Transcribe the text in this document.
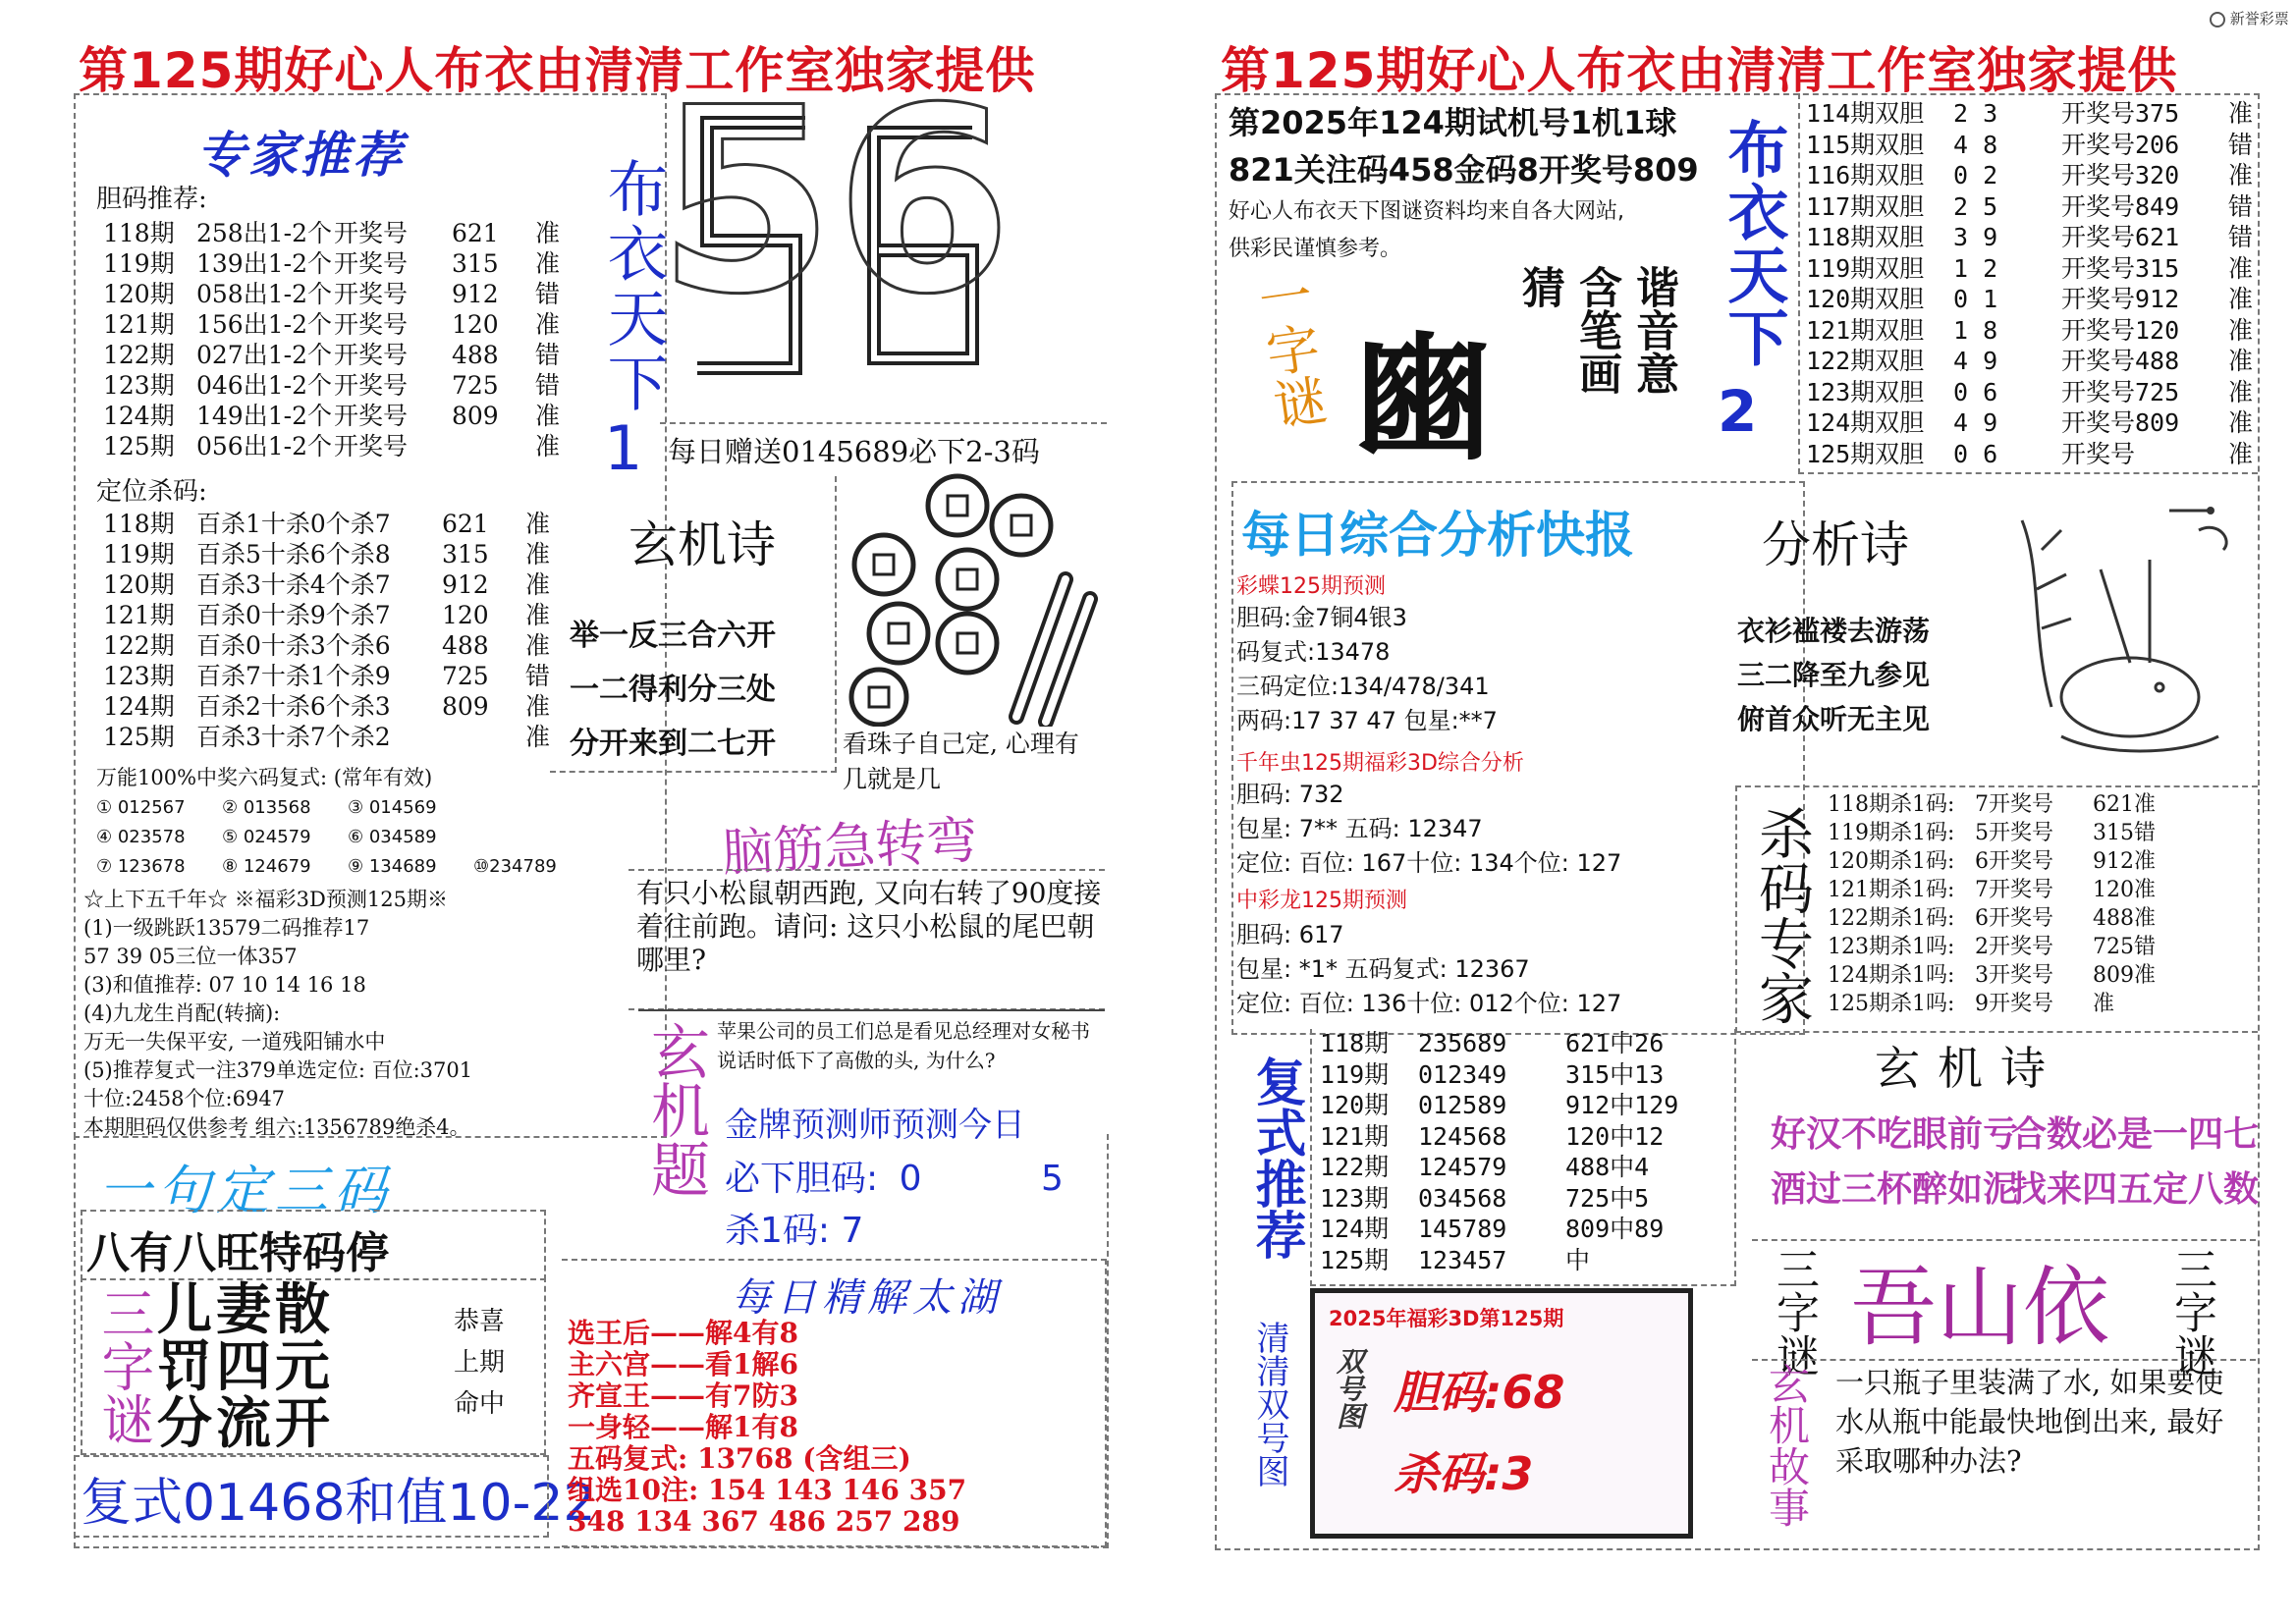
新誉彩票
第125期好心人布衣由清清工作室独家提供
专家推荐
胆码推荐:
118期 258出1-2个 开奖号	621	准
119期 139出1-2个 开奖号	315	准
120期 058出1-2个 开奖号	912	错
121期 156出1-2个 开奖号	120	准
122期 027出1-2个 开奖号	488	错
123期 046出1-2个 开奖号	725	错
124期 149出1-2个 开奖号	809	准
125期 056出1-2个 开奖号	准
定位杀码:
118期 百杀1十杀0个杀7	621	准
119期 百杀5十杀6个杀8	315	准
120期 百杀3十杀4个杀7	912	准
121期 百杀0十杀9个杀7	120	准
122期 百杀0十杀3个杀6	488	准
123期 百杀7十杀1个杀9	725	错
124期 百杀2十杀6个杀3	809	准
125期 百杀3十杀7个杀2	准
万能100%中奖六码复式: (常年有效)
① 012567	② 013568	③ 014569
④ 023578	⑤ 024579	⑥ 034589
⑦ 123678	⑧ 124679	⑨ 134689	⑩234789
☆上下五千年☆ ※福彩3D预测125期※
(1)一级跳跃13579二码推荐17
57 39 05三位一体357
(3)和值推荐: 07 10 14 16 18
(4)九龙生肖配(转摘):
万无一失保平安, 一道残阳铺水中
(5)推荐复式一注379单选定位: 百位:3701
十位:2458个位:6947
本期胆码仅供参考 组六:1356789绝杀4。
布衣天下
1
56
每日赠送0145689必下2-3码
玄机诗
举一反三合六开
一二得利分三处
分开来到二七开	看珠子自己定, 心理有几就是几
脑筋急转弯
有只小松鼠朝西跑, 又向右转了90度接着往前跑。请问: 这只小松鼠的尾巴朝哪里?
玄机题 苹果公司的员工们总是看见总经理对女秘书说话时低下了高傲的头, 为什么?
金牌预测师预测今日
必下胆码: 0	5
杀1码: 7
一句定三码
八有八旺特码停
三字谜 儿妻散
罚四元
分流开
恭喜
上期
命中
复式01468和值10-22
每日精解太湖
选王后——解4有8
主六宫——看1解6
齐宣王——有7防3
一身轻——解1有8
五码复式: 13768 (含组三)
组选10注: 154 143 146 357
348 134 367 486 257 289
第125期好心人布衣由清清工作室独家提供
第2025年124期试机号1机1球
821关注码458金码8开奖号809
好心人布衣天下图谜资料均来自各大网站,
供彩民谨慎参考。
一字谜 豳	谐音意
含笔画
猜	布衣天下
2
114期双胆	2 3	开奖号375	准
115期双胆	4 8	开奖号206	错
116期双胆	0 2	开奖号320	准
117期双胆	2 5	开奖号849	错
118期双胆	3 9	开奖号621	错
119期双胆	1 2	开奖号315	准
120期双胆	0 1	开奖号912	准
121期双胆	1 8	开奖号120	准
122期双胆	4 9	开奖号488	准
123期双胆	0 6	开奖号725	准
124期双胆	4 9	开奖号809	准
125期双胆	0 6	开奖号	准
每日综合分析快报
彩蝶125期预测
胆码:金7铜4银3
码复式:13478
三码定位:134/478/341
两码:17 37 47 包星:**7
千年虫125期福彩3D综合分析
胆码: 732
包星: 7** 五码: 12347
定位: 百位: 167十位: 134个位: 127
中彩龙125期预测
胆码: 617
包星: *1* 五码复式: 12367
定位: 百位: 136十位: 012个位: 127
分析诗
衣衫褴褛去游荡
三二降至九参见
俯首众听无主见
杀码专家
118期杀1码: 7开奖号	621准
119期杀1码: 5开奖号	315错
120期杀1码: 6开奖号	912准
121期杀1码: 7开奖号	120准
122期杀1码: 6开奖号	488准
123期杀1吗: 2开奖号	725错
124期杀1吗: 3开奖号	809准
125期杀1吗: 9开奖号	准
复式推荐
118期	235689	621中26
119期	012349	315中13
120期	012589	912中129
121期	124568	120中12
122期	124579	488中4
123期	034568	725中5
124期	145789	809中89
125期	123457	中
玄机诗
好汉不吃眼前亏
合数必是一四七
酒过三杯醉如泥
找来四五定八数
清清双号图
2025年福彩3D第125期
双号图 胆码:68
杀码:3
三字谜 吾山依 三字谜
玄机故事 一只瓶子里装满了水, 如果要使水从瓶中能最快地倒出来, 最好采取哪种办法?
